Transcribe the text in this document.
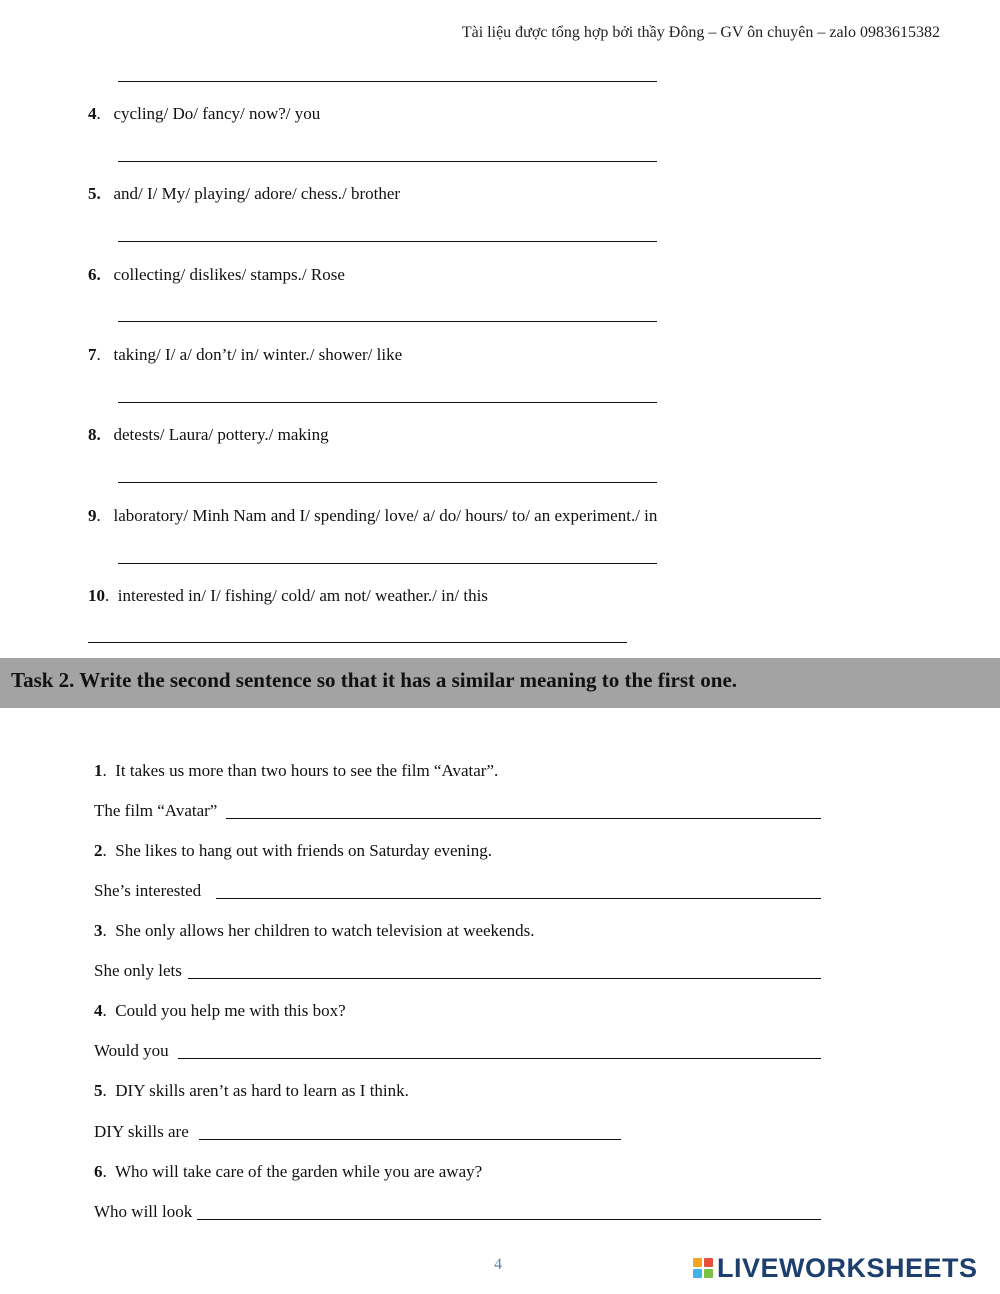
Tài liệu được tổng hợp bởi thầy Đông – GV ôn chuyên – zalo 0983615382
4. cycling/ Do/ fancy/ now?/ you
5. and/ I/ My/ playing/ adore/ chess./ brother
6. collecting/ dislikes/ stamps./ Rose
7. taking/ I/ a/ don’t/ in/ winter./ shower/ like
8. detests/ Laura/ pottery./ making
9. laboratory/ Minh Nam and I/ spending/ love/ a/ do/ hours/ to/ an experiment./ in
10. interested in/ I/ fishing/ cold/ am not/ weather./ in/ this
Task 2. Write the second sentence so that it has a similar meaning to the first one.
1. It takes us more than two hours to see the film “Avatar”.
The film “Avatar”
2. She likes to hang out with friends on Saturday evening.
She’s interested
3. She only allows her children to watch television at weekends.
She only lets
4. Could you help me with this box?
Would you
5. DIY skills aren’t as hard to learn as I think.
DIY skills are
6. Who will take care of the garden while you are away?
Who will look
4	LIVEWORKSHEETS
